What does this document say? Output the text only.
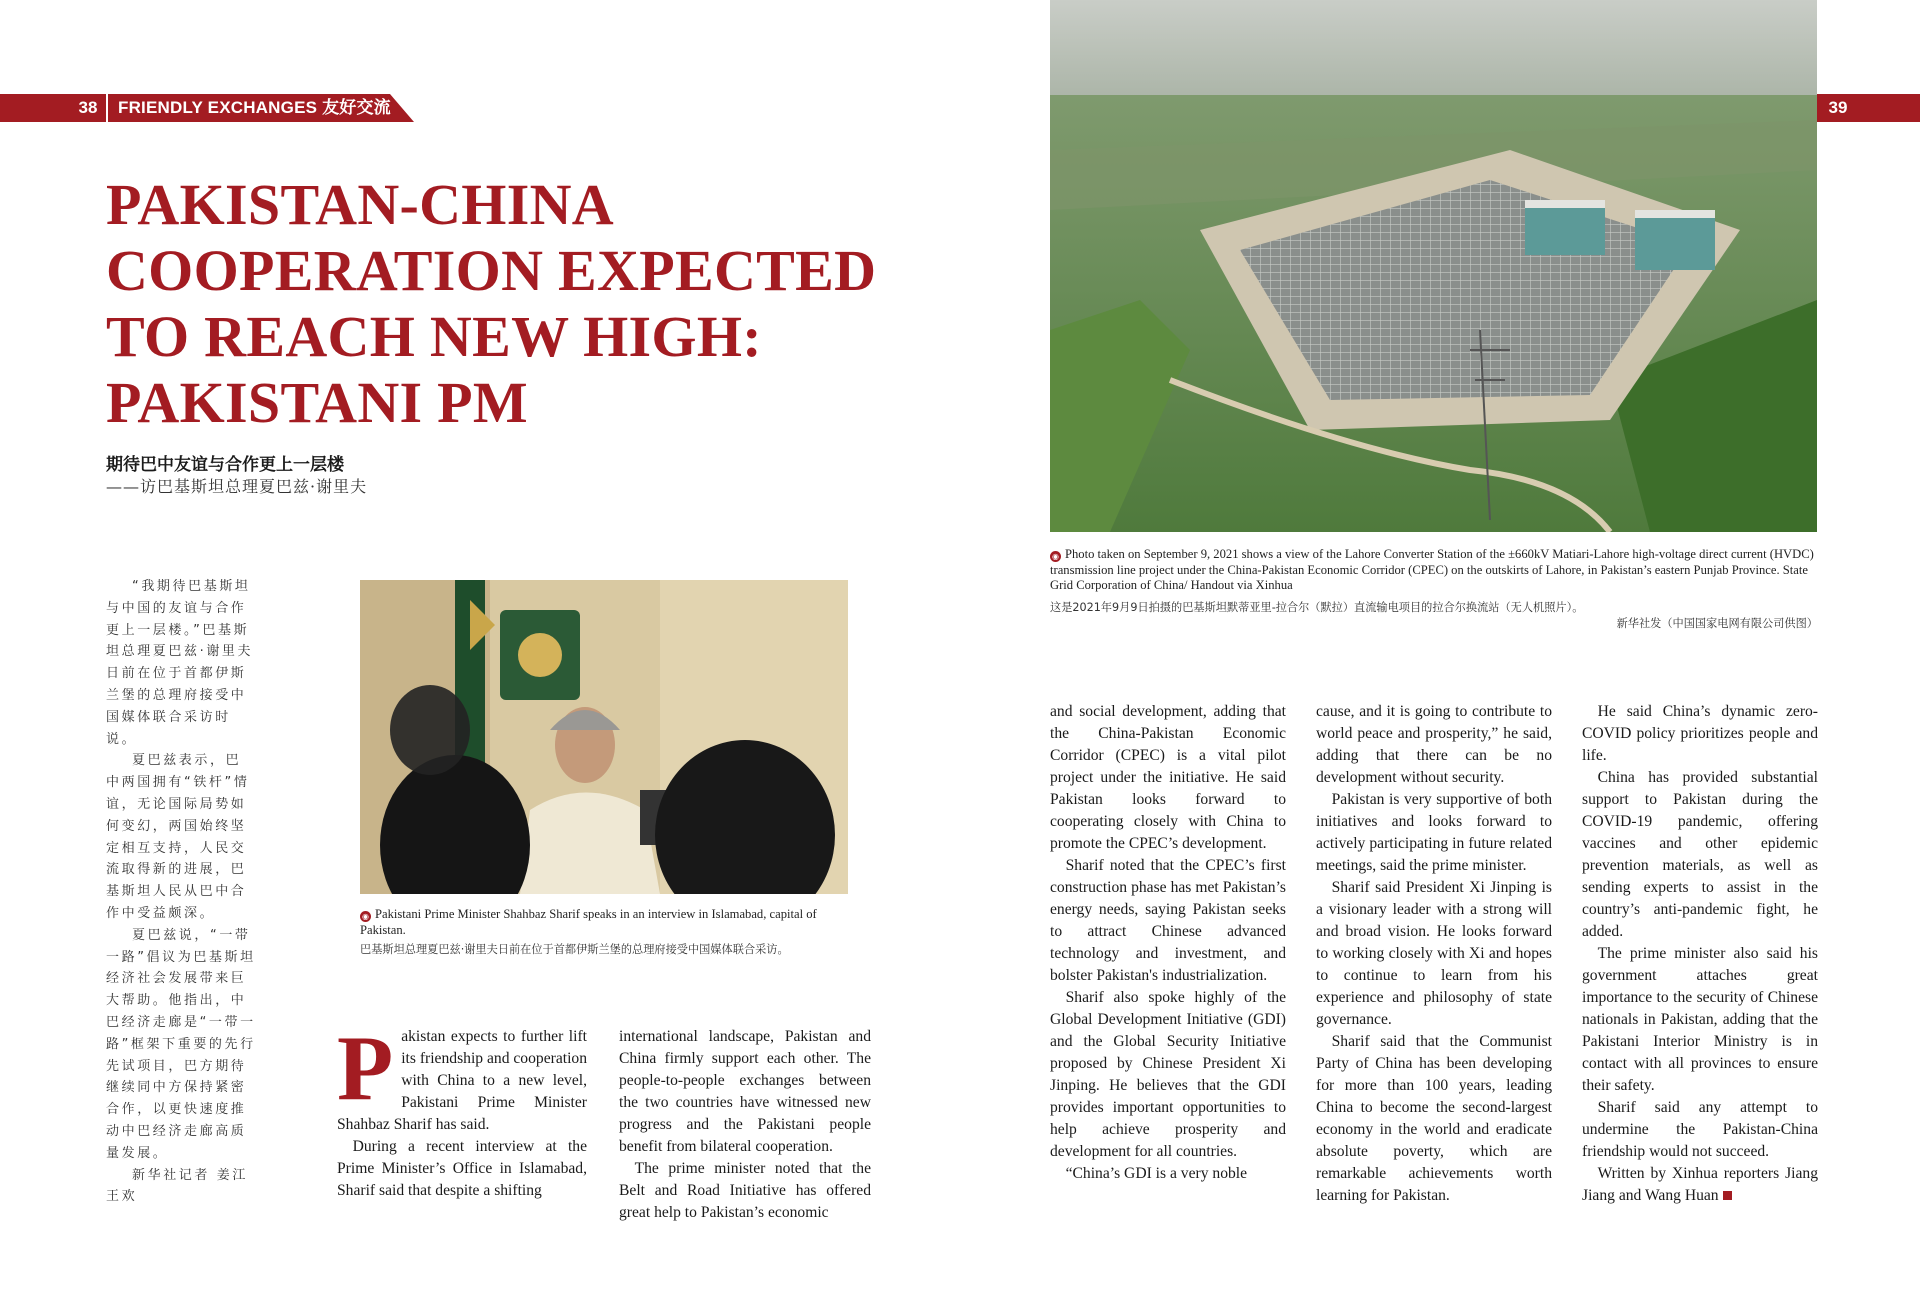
38	FRIENDLY EXCHANGES 友好交流	39
PAKISTAN-CHINA COOPERATION EXPECTED TO REACH NEW HIGH: PAKISTANI PM
期待巴中友谊与合作更上一层楼
——访巴基斯坦总理夏巴兹·谢里夫
◉ Photo taken on September 9, 2021 shows a view of the Lahore Converter Station of the ±660kV Matiari-Lahore high-voltage direct current (HVDC) transmission line project under the China-Pakistan Economic Corridor (CPEC) on the outskirts of Lahore, in Pakistan’s eastern Punjab Province. State Grid Corporation of China/ Handout via Xinhua
这是2021年9月9日拍摄的巴基斯坦默蒂亚里-拉合尔（默拉）直流输电项目的拉合尔换流站（无人机照片）。
新华社发（中国国家电网有限公司供图）
◉ Pakistani Prime Minister Shahbaz Sharif speaks in an interview in Islamabad, capital of Pakistan.
巴基斯坦总理夏巴兹·谢里夫日前在位于首都伊斯兰堡的总理府接受中国媒体联合采访。

“我期待巴基斯坦与中国的友谊与合作更上一层楼。”巴基斯坦总理夏巴兹·谢里夫日前在位于首都伊斯兰堡的总理府接受中国媒体联合采访时说。

夏巴兹表示，巴中两国拥有“铁杆”情谊，无论国际局势如何变幻，两国始终坚定相互支持，人民交流取得新的进展，巴基斯坦人民从巴中合作中受益颇深。

夏巴兹说，“一带一路”倡议为巴基斯坦经济社会发展带来巨大帮助。他指出，中巴经济走廊是“一带一路”框架下重要的先行先试项目，巴方期待继续同中方保持紧密合作，以更快速度推动中巴经济走廊高质量发展。

新华社记者 姜江 王欢

Pakistan expects to further lift its friendship and cooperation with China to a new level, Pakistani Prime Minister Shahbaz Sharif has said.

During a recent interview at the Prime Minister’s Office in Islamabad, Sharif said that despite a shifting

international landscape, Pakistan and China firmly support each other. The people-to-people exchanges between the two countries have witnessed new progress and the Pakistani people benefit from bilateral cooperation.

The prime minister noted that the Belt and Road Initiative has offered great help to Pakistan’s economic

and social development, adding that the China-Pakistan Economic Corridor (CPEC) is a vital pilot project under the initiative. He said Pakistan looks forward to cooperating closely with China to promote the CPEC’s development.

Sharif noted that the CPEC’s first construction phase has met Pakistan’s energy needs, saying Pakistan seeks to attract Chinese advanced technology and investment, and bolster Pakistan's industrialization.

Sharif also spoke highly of the Global Development Initiative (GDI) and the Global Security Initiative proposed by Chinese President Xi Jinping. He believes that the GDI provides important opportunities to help achieve prosperity and development for all countries.

“China’s GDI is a very noble

cause, and it is going to contribute to world peace and prosperity,” he said, adding that there can be no development without security.

Pakistan is very supportive of both initiatives and looks forward to actively participating in future related meetings, said the prime minister.

Sharif said President Xi Jinping is a visionary leader with a strong will and broad vision. He looks forward to working closely with Xi and hopes to continue to learn from his experience and philosophy of state governance.

Sharif said that the Communist Party of China has been developing for more than 100 years, leading China to become the second-largest economy in the world and eradicate absolute poverty, which are remarkable achievements worth learning for Pakistan.

He said China’s dynamic zero-COVID policy prioritizes people and life.

China has provided substantial support to Pakistan during the COVID-19 pandemic, offering vaccines and other epidemic prevention materials, as well as sending experts to assist in the country’s anti-pandemic fight, he added.

The prime minister also said his government attaches great importance to the security of Chinese nationals in Pakistan, adding that the Pakistani Interior Ministry is in contact with all provinces to ensure their safety.

Sharif said any attempt to undermine the Pakistan-China friendship would not succeed.

Written by Xinhua reporters Jiang Jiang and Wang Huan
